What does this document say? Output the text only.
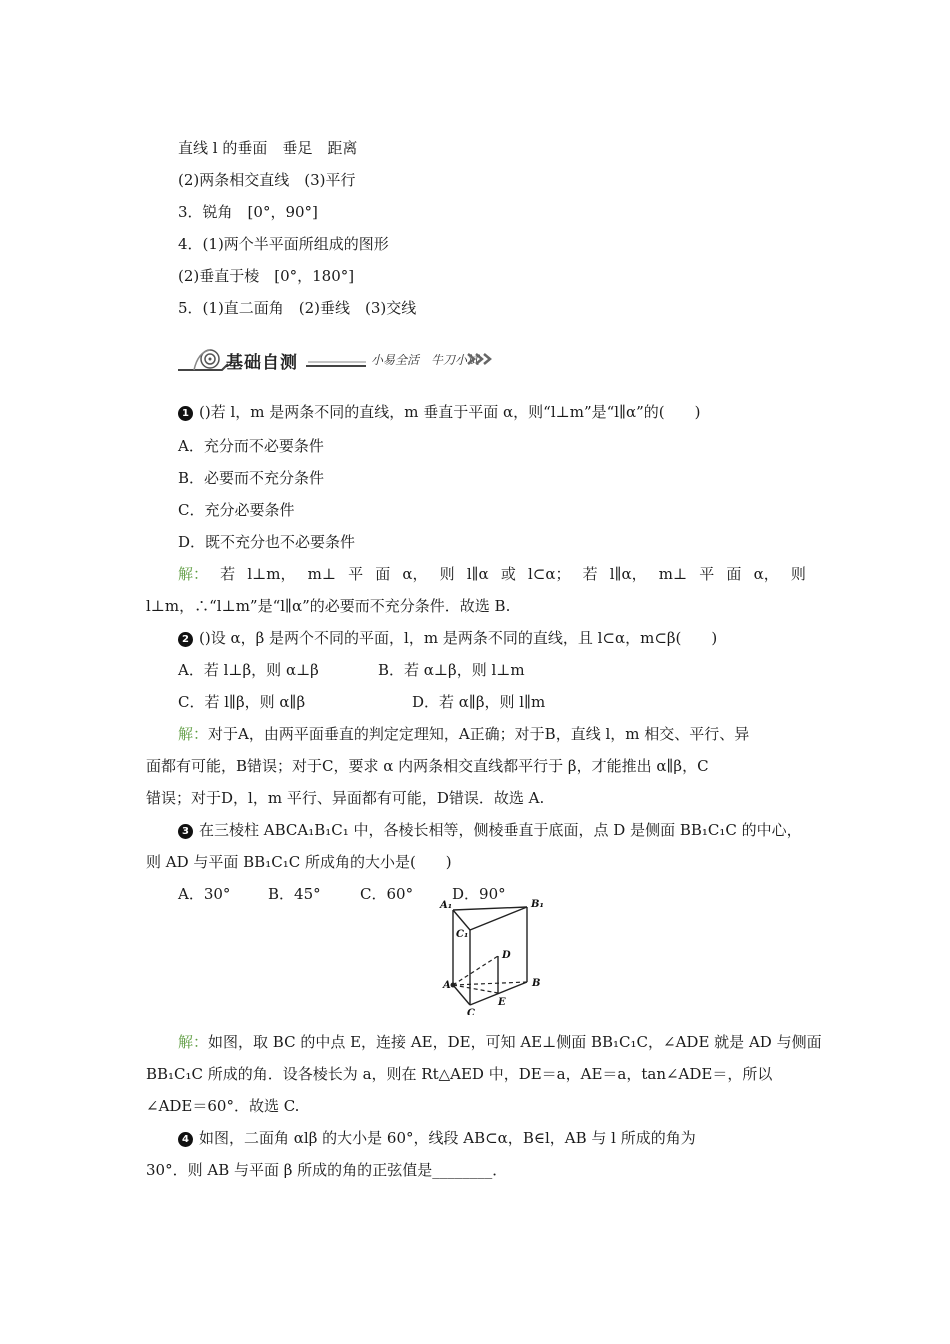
直线 l 的垂面　垂足　距离
(2)两条相交直线　(3)平行
3．锐角　[0°，90°]
4．(1)两个半平面所组成的图形
(2)垂直于棱　[0°，180°]
5．(1)直二面角　(2)垂线　(3)交线
基础自测	小易全活　牛刀小试
1 ()若 l，m 是两条不同的直线，m 垂直于平面 α，则“l⊥m”是“l∥α”的(　　)
A．充分而不必要条件
B．必要而不充分条件
C．充分必要条件
D．既不充分也不必要条件
解： 若 l⊥m， m⊥ 平 面 α， 则 l∥α 或 l⊂α； 若 l∥α， m⊥ 平 面 α， 则
l⊥m，∴“l⊥m”是“l∥α”的必要而不充分条件．故选 B.
2 ()设 α，β 是两个不同的平面，l，m 是两条不同的直线，且 l⊂α，m⊂β(　　)
A．若 l⊥β，则 α⊥β	B．若 α⊥β，则 l⊥m
C．若 l∥β，则 α∥β	D．若 α∥β，则 l∥m
解：对于A，由两平面垂直的判定定理知，A正确；对于B，直线 l，m 相交、平行、异
面都有可能，B错误；对于C，要求 α 内两条相交直线都平行于 β，才能推出 α∥β，C
错误；对于D，l，m 平行、异面都有可能，D错误．故选 A.
3 在三棱柱 ABCA₁B₁C₁ 中，各棱长相等，侧棱垂直于底面，点 D 是侧面 BB₁C₁C 的中心，
则 AD 与平面 BB₁C₁C 所成角的大小是(　　)
A．30°	B．45°	C．60°	D．90°
A₁	B₁
C₁
D
A	B
E
C
解：如图，取 BC 的中点 E，连接 AE，DE，可知 AE⊥侧面 BB₁C₁C，∠ADE 就是 AD 与侧面
BB₁C₁C 所成的角．设各棱长为 a，则在 Rt△AED 中，DE＝a，AE＝a，tan∠ADE＝，所以
∠ADE＝60°．故选 C.
4 如图，二面角 αlβ 的大小是 60°，线段 AB⊂α，B∈l，AB 与 l 所成的角为
30°．则 AB 与平面 β 所成的角的正弦值是________．
